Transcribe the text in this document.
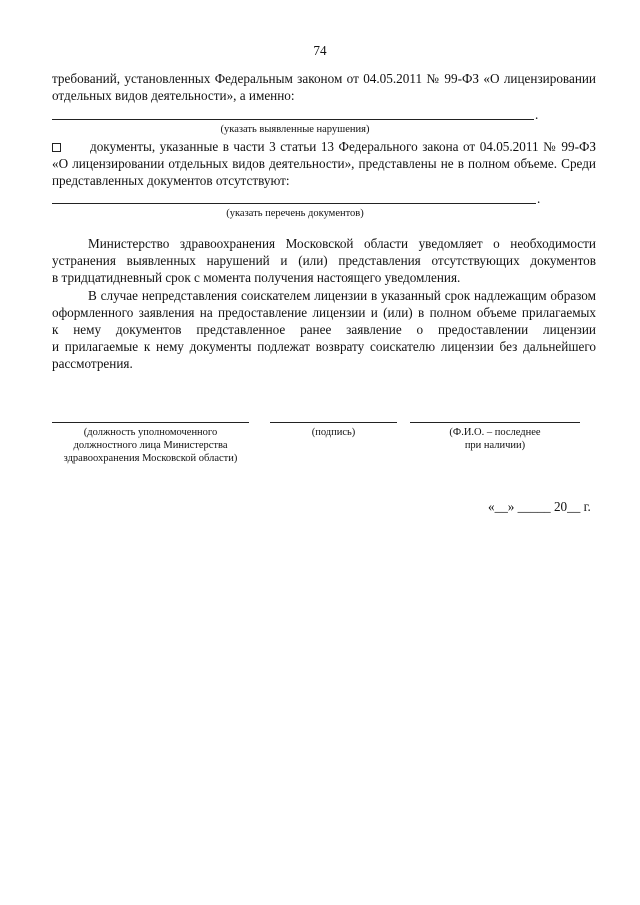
74
требований, установленных Федеральным законом от 04.05.2011 № 99-ФЗ «О лицензировании
отдельных видов деятельности», а именно:
.
(указать выявленные нарушения)
документы, указанные в части 3 статьи 13 Федерального закона от 04.05.2011 № 99-ФЗ
«О лицензировании отдельных видов деятельности», представлены не в полном объеме. Среди
представленных документов отсутствуют:
.
(указать перечень документов)
Министерство здравоохранения Московской области уведомляет о необходимости
устранения выявленных нарушений и (или) представления отсутствующих документов
в тридцатидневный срок с момента получения настоящего уведомления.
В случае непредставления соискателем лицензии в указанный срок надлежащим образом
оформленного заявления на предоставление лицензии и (или) в полном объеме прилагаемых
к нему документов представленное ранее заявление о предоставлении лицензии
и прилагаемые к нему документы подлежат возврату соискателю лицензии без дальнейшего
рассмотрения.
(должность уполномоченного
должностного лица Министерства
здравоохранения Московской области)
(подпись)	(Ф.И.О. – последнее
при наличии)
«__» _____ 20__ г.
